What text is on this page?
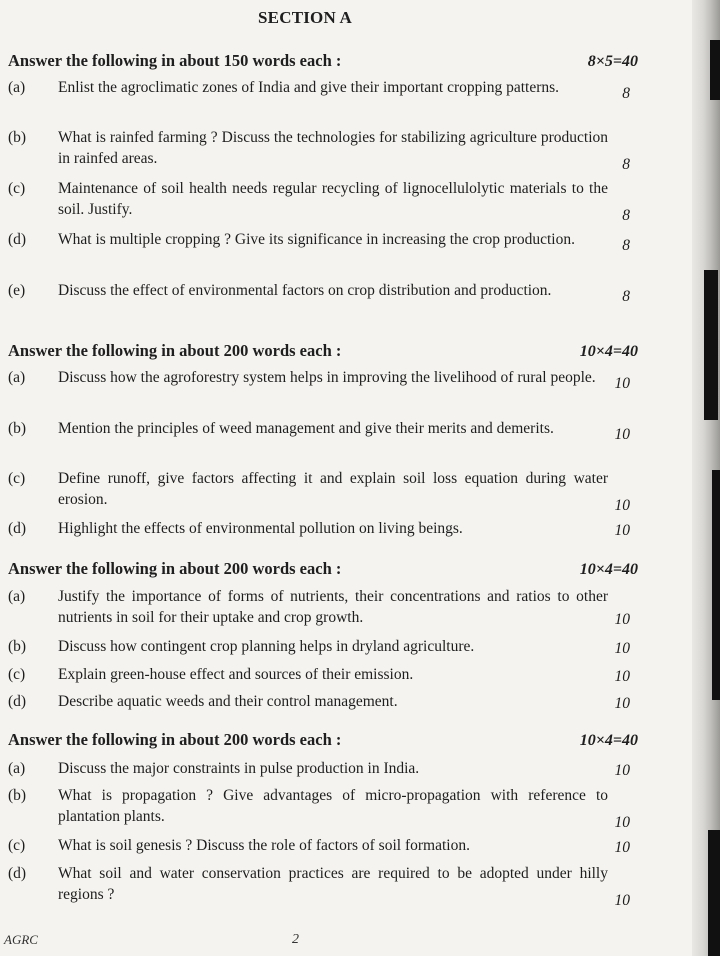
SECTION A
Answer the following in about 150 words each :	8×5=40
(a) Enlist the agroclimatic zones of India and give their important cropping patterns.	8
(b) What is rainfed farming ? Discuss the technologies for stabilizing agriculture production in rainfed areas.	8
(c) Maintenance of soil health needs regular recycling of lignocellulolytic materials to the soil. Justify.	8
(d) What is multiple cropping ? Give its significance in increasing the crop production.	8
(e) Discuss the effect of environmental factors on crop distribution and production.	8
Answer the following in about 200 words each :	10×4=40
(a) Discuss how the agroforestry system helps in improving the livelihood of rural people.	10
(b) Mention the principles of weed management and give their merits and demerits.	10
(c) Define runoff, give factors affecting it and explain soil loss equation during water erosion.	10
(d) Highlight the effects of environmental pollution on living beings.	10
Answer the following in about 200 words each :	10×4=40
(a) Justify the importance of forms of nutrients, their concentrations and ratios to other nutrients in soil for their uptake and crop growth.	10
(b) Discuss how contingent crop planning helps in dryland agriculture.	10
(c) Explain green-house effect and sources of their emission.	10
(d) Describe aquatic weeds and their control management.	10
Answer the following in about 200 words each :	10×4=40
(a) Discuss the major constraints in pulse production in India.	10
(b) What is propagation ? Give advantages of micro-propagation with reference to plantation plants.	10
(c) What is soil genesis ? Discuss the role of factors of soil formation.	10
(d) What soil and water conservation practices are required to be adopted under hilly regions ?	10
AGRC	2
